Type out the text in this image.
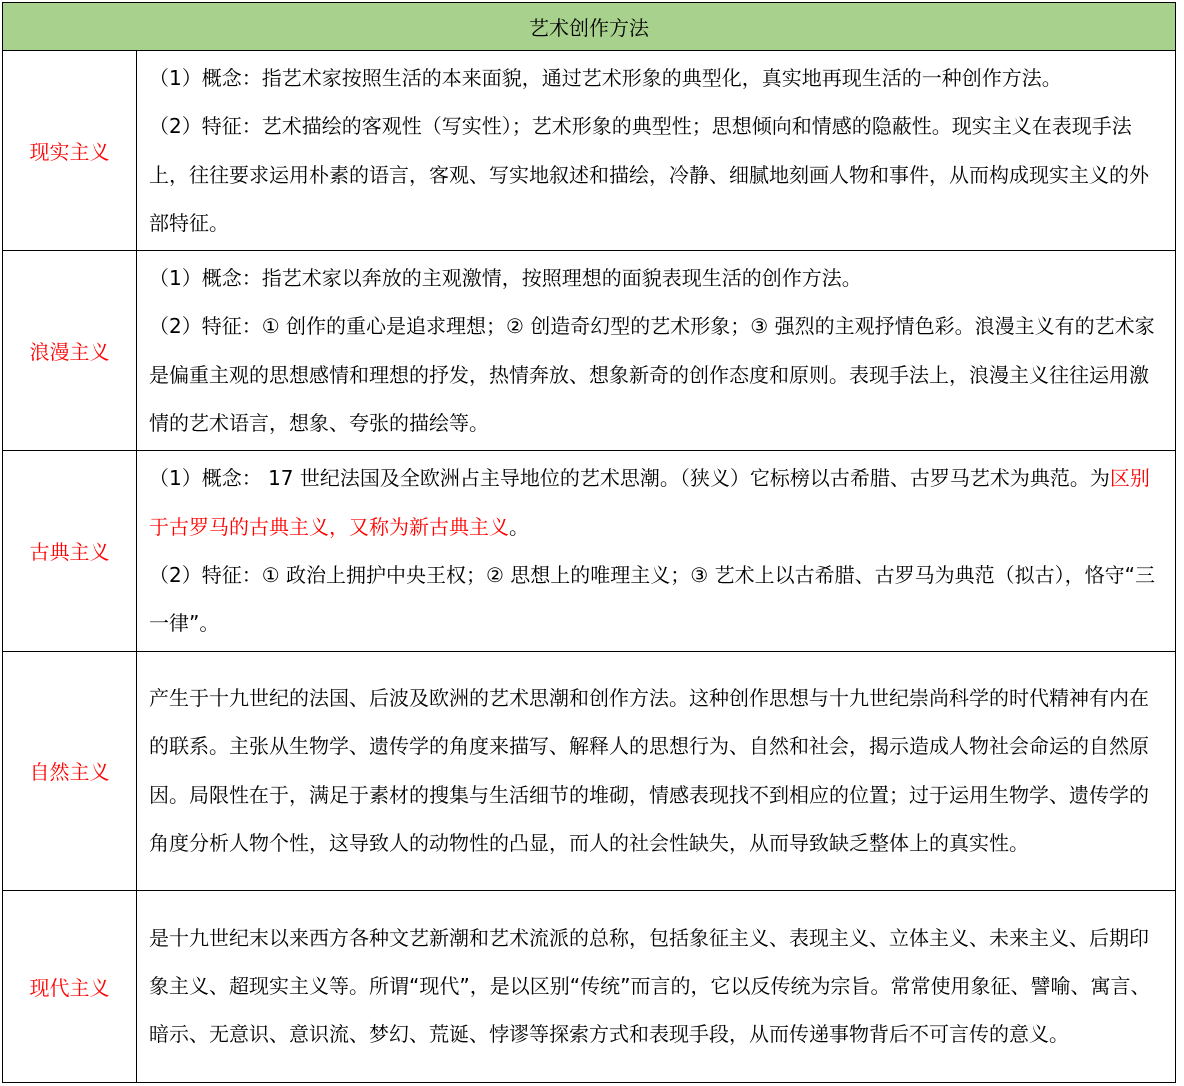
艺术创作方法	
现实主义	（1）概念：指艺术家按照生活的本来面貌，通过艺术形象的典型化，真实地再现生活的一种创作方法。

（2）特征：艺术描绘的客观性（写实性）；艺术形象的典型性；思想倾向和情感的隐蔽性。现实主义在表现手法上，往往要求运用朴素的语言，客观、写实地叙述和描绘，冷静、细腻地刻画人物和事件，从而构成现实主义的外部特征。

浪漫主义	（1）概念：指艺术家以奔放的主观激情，按照理想的面貌表现生活的创作方法。

（2）特征：① 创作的重心是追求理想；② 创造奇幻型的艺术形象；③ 强烈的主观抒情色彩。浪漫主义有的艺术家是偏重主观的思想感情和理想的抒发，热情奔放、想象新奇的创作态度和原则。表现手法上，浪漫主义往往运用激情的艺术语言，想象、夸张的描绘等。

古典主义	（1）概念： 17 世纪法国及全欧洲占主导地位的艺术思潮。（狭义）它标榜以古希腊、古罗马艺术为典范。为区别于古罗马的古典主义，又称为新古典主义。

（2）特征：① 政治上拥护中央王权；② 思想上的唯理主义；③ 艺术上以古希腊、古罗马为典范（拟古），恪守“三一律”。

自然主义	产生于十九世纪的法国、后波及欧洲的艺术思潮和创作方法。这种创作思想与十九世纪崇尚科学的时代精神有内在的联系。主张从生物学、遗传学的角度来描写、解释人的思想行为、自然和社会，揭示造成人物社会命运的自然原因。局限性在于，满足于素材的搜集与生活细节的堆砌，情感表现找不到相应的位置；过于运用生物学、遗传学的角度分析人物个性，这导致人的动物性的凸显，而人的社会性缺失，从而导致缺乏整体上的真实性。

现代主义	是十九世纪末以来西方各种文艺新潮和艺术流派的总称，包括象征主义、表现主义、立体主义、未来主义、后期印象主义、超现实主义等。所谓“现代”，是以区别“传统”而言的，它以反传统为宗旨。常常使用象征、譬喻、寓言、暗示、无意识、意识流、梦幻、荒诞、悖谬等探索方式和表现手段，从而传递事物背后不可言传的意义。
